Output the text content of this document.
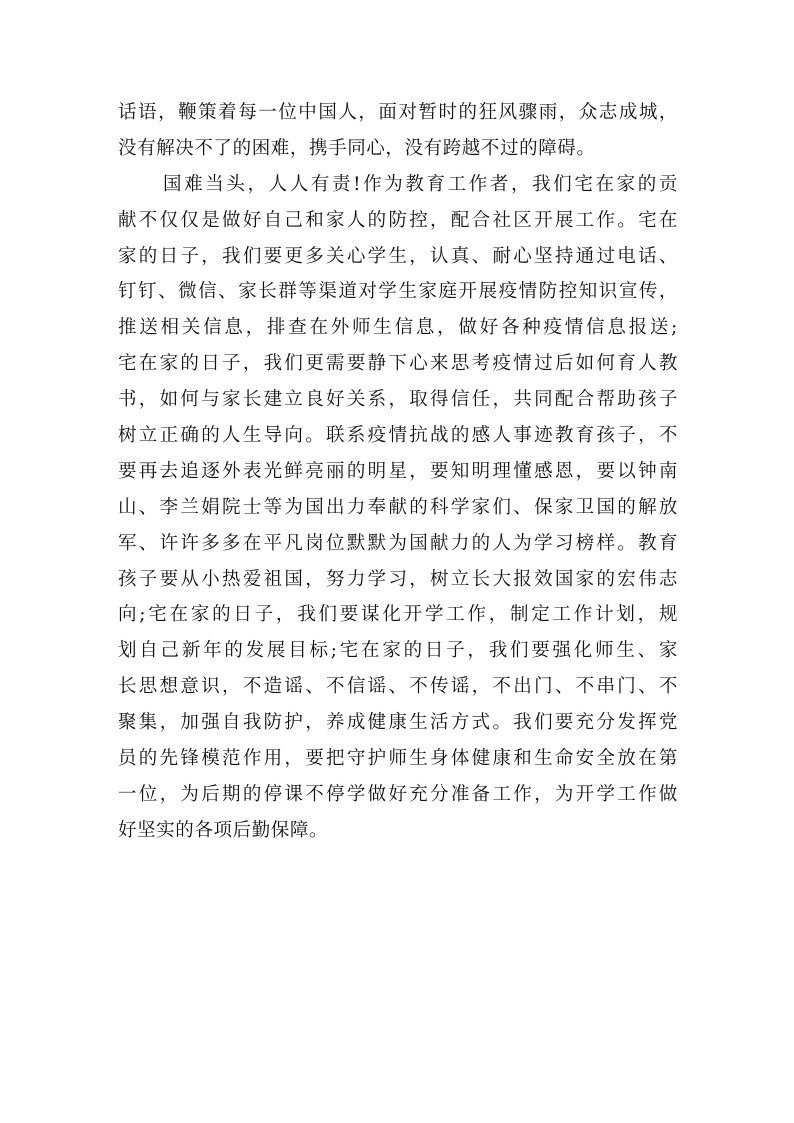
话语，鞭策着每一位中国人，面对暂时的狂风骤雨，众志成城，
没有解决不了的困难，携手同心，没有跨越不过的障碍。
国难当头，人人有责!作为教育工作者，我们宅在家的贡
献不仅仅是做好自己和家人的防控，配合社区开展工作。宅在
家的日子，我们要更多关心学生，认真、耐心坚持通过电话、
钉钉、微信、家长群等渠道对学生家庭开展疫情防控知识宣传，
推送相关信息，排查在外师生信息，做好各种疫情信息报送;
宅在家的日子，我们更需要静下心来思考疫情过后如何育人教
书，如何与家长建立良好关系，取得信任，共同配合帮助孩子
树立正确的人生导向。联系疫情抗战的感人事迹教育孩子，不
要再去追逐外表光鲜亮丽的明星，要知明理懂感恩，要以钟南
山、李兰娟院士等为国出力奉献的科学家们、保家卫国的解放
军、许许多多在平凡岗位默默为国献力的人为学习榜样。教育
孩子要从小热爱祖国，努力学习，树立长大报效国家的宏伟志
向;宅在家的日子，我们要谋化开学工作，制定工作计划，规
划自己新年的发展目标;宅在家的日子，我们要强化师生、家
长思想意识，不造谣、不信谣、不传谣，不出门、不串门、不
聚集，加强自我防护，养成健康生活方式。我们要充分发挥党
员的先锋模范作用，要把守护师生身体健康和生命安全放在第
一位，为后期的停课不停学做好充分准备工作，为开学工作做
好坚实的各项后勤保障。
